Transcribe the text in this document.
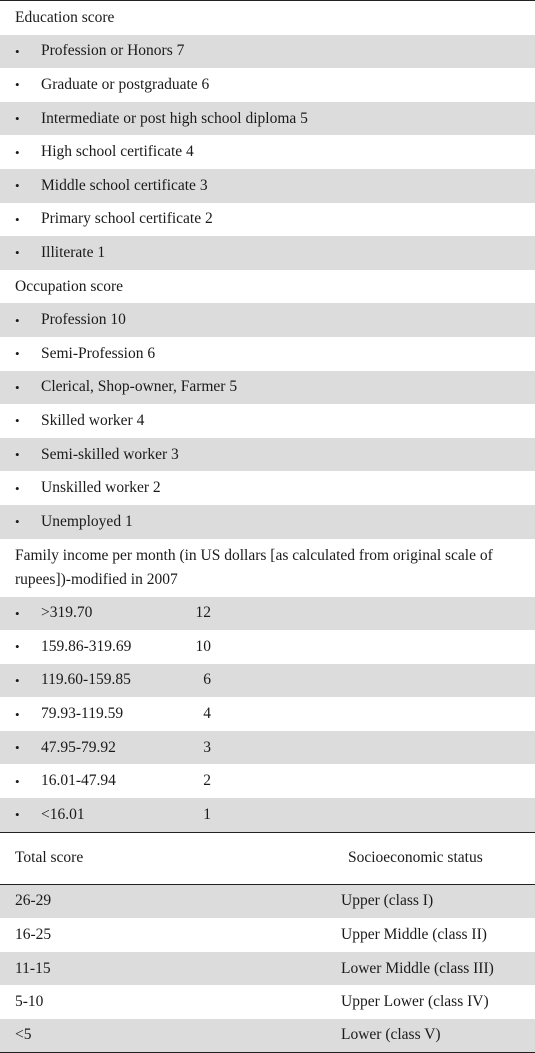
Education score
•	Profession or Honors 7
•	Graduate or postgraduate 6
•	Intermediate or post high school diploma 5
•	High school certificate 4
•	Middle school certificate 3
•	Primary school certificate 2
•	Illiterate 1
Occupation score
•	Profession 10
•	Semi-Profession 6
•	Clerical, Shop-owner, Farmer 5
•	Skilled worker 4
•	Semi-skilled worker 3
•	Unskilled worker 2
•	Unemployed 1
Family income per month (in US dollars [as calculated from original scale of rupees])-modified in 2007
•	>319.70	12
•	159.86-319.69	10
•	119.60-159.85	6
•	79.93-119.59	4
•	47.95-79.92	3
•	16.01-47.94	2
•	<16.01	1
Total score	Socioeconomic status
26-29	Upper (class I)
16-25	Upper Middle (class II)
11-15	Lower Middle (class III)
5-10	Upper Lower (class IV)
<5	Lower (class V)
